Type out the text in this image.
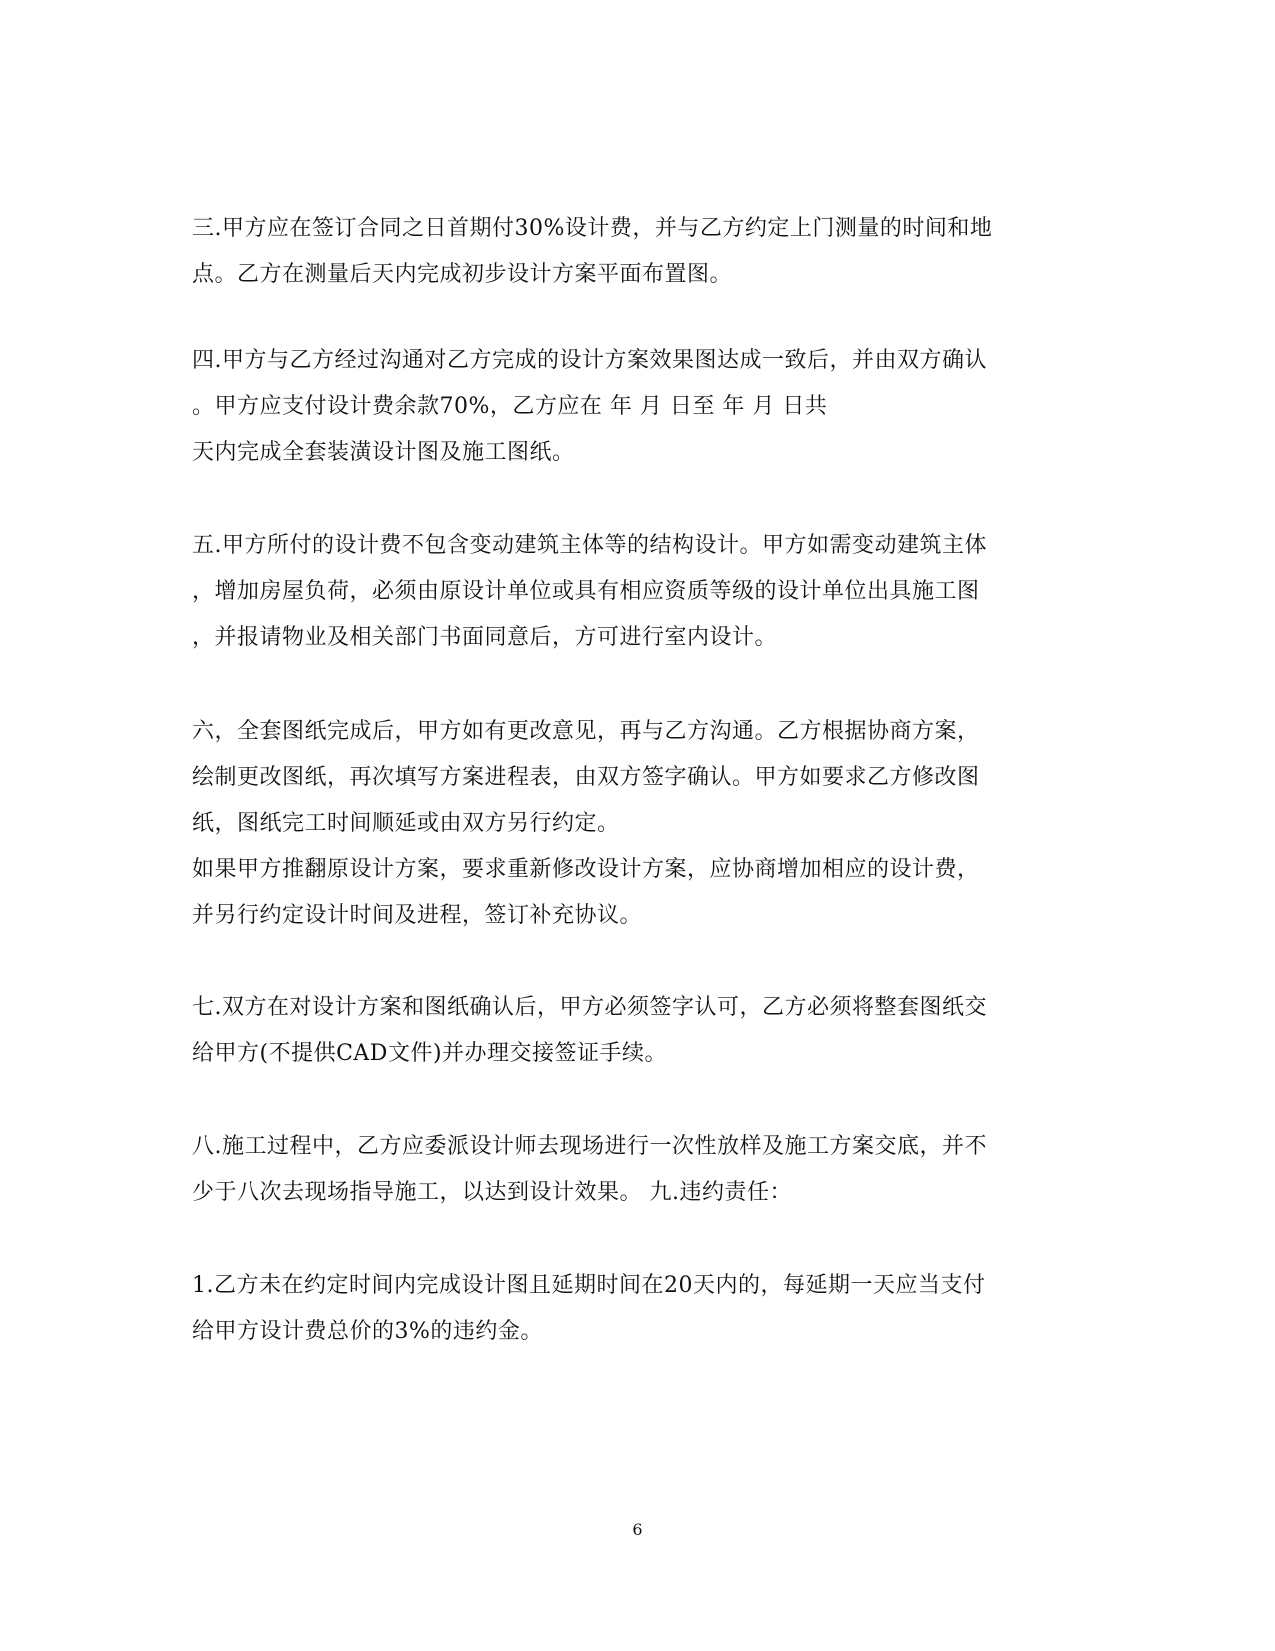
三.甲方应在签订合同之日首期付30%设计费，并与乙方约定上门测量的时间和地
点。乙方在测量后天内完成初步设计方案平面布置图。
四.甲方与乙方经过沟通对乙方完成的设计方案效果图达成一致后，并由双方确认
。甲方应支付设计费余款70%，乙方应在 年 月 日至 年 月 日共
天内完成全套装潢设计图及施工图纸。
五.甲方所付的设计费不包含变动建筑主体等的结构设计。甲方如需变动建筑主体
，增加房屋负荷，必须由原设计单位或具有相应资质等级的设计单位出具施工图
，并报请物业及相关部门书面同意后，方可进行室内设计。
六，全套图纸完成后，甲方如有更改意见，再与乙方沟通。乙方根据协商方案，
绘制更改图纸，再次填写方案进程表，由双方签字确认。甲方如要求乙方修改图
纸，图纸完工时间顺延或由双方另行约定。
如果甲方推翻原设计方案，要求重新修改设计方案，应协商增加相应的设计费，
并另行约定设计时间及进程，签订补充协议。
七.双方在对设计方案和图纸确认后，甲方必须签字认可，乙方必须将整套图纸交
给甲方(不提供CAD文件)并办理交接签证手续。
八.施工过程中，乙方应委派设计师去现场进行一次性放样及施工方案交底，并不
少于八次去现场指导施工，以达到设计效果。 九.违约责任：
1.乙方未在约定时间内完成设计图且延期时间在20天内的，每延期一天应当支付
给甲方设计费总价的3%的违约金。
6
